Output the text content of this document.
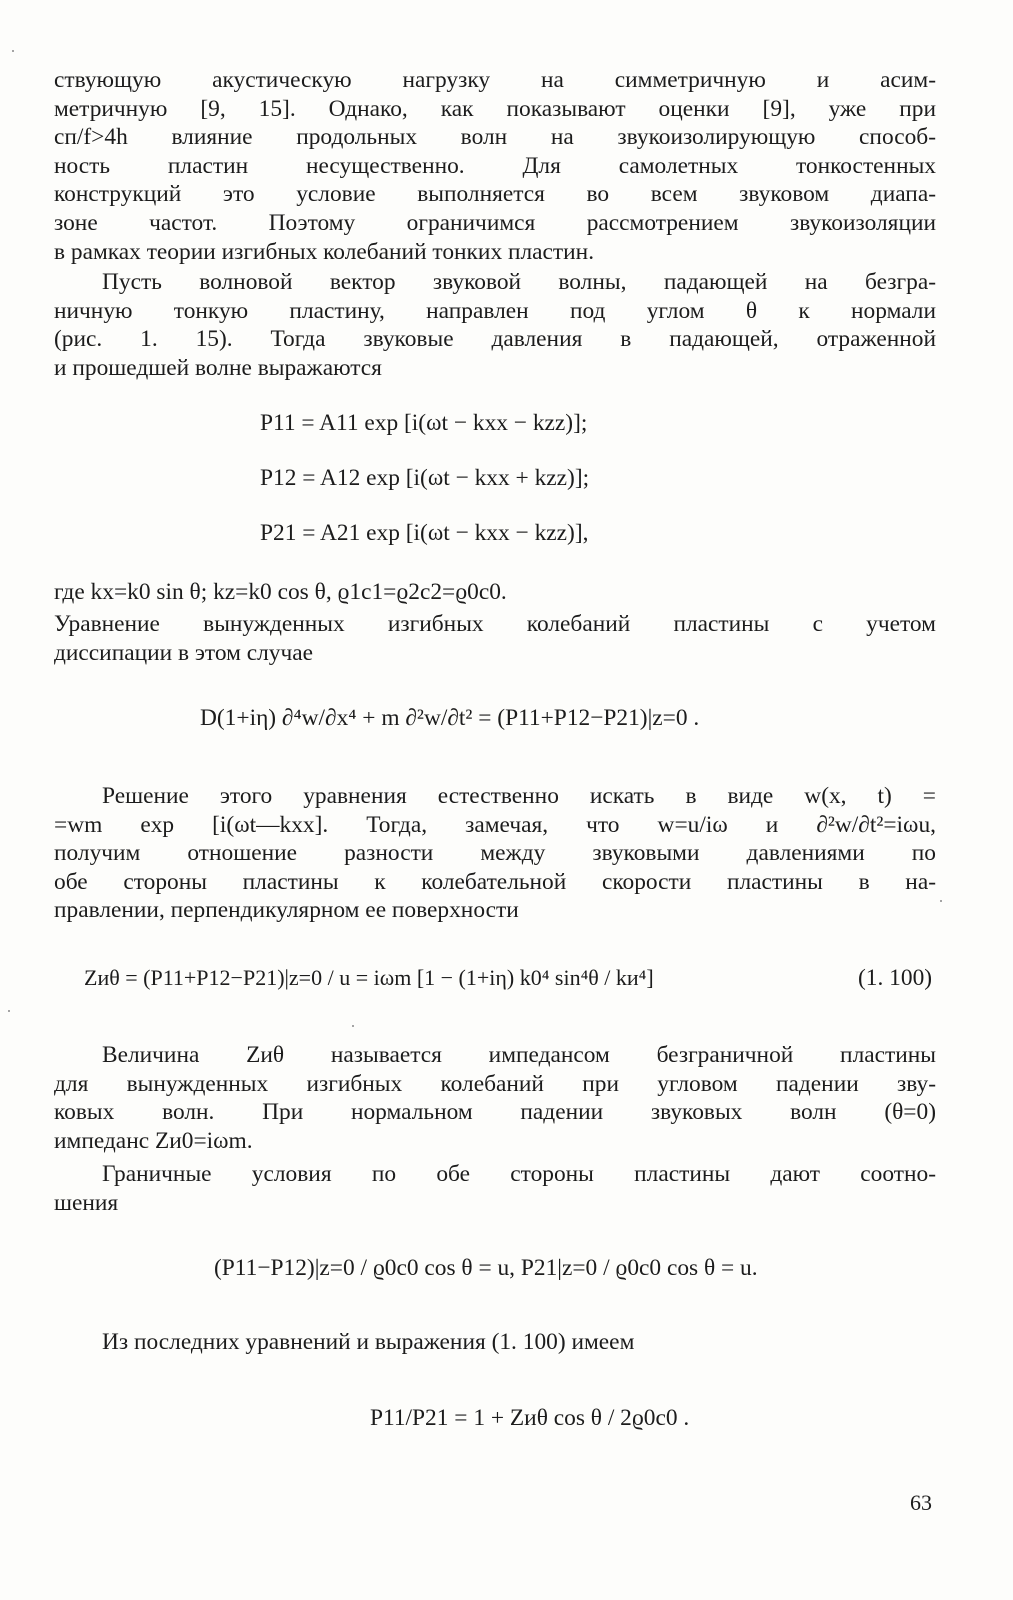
ствующую акустическую нагрузку на симметричную и асим-
метричную [9, 15]. Однако, как показывают оценки [9], уже при
cп/f>4h влияние продольных волн на звукоизолирующую способ-
ность пластин несущественно. Для самолетных тонкостенных
конструкций это условие выполняется во всем звуковом диапа-
зоне частот. Поэтому ограничимся рассмотрением звукоизоляции
в рамках теории изгибных колебаний тонких пластин.
Пусть волновой вектор звуковой волны, падающей на безгра-
ничную тонкую пластину, направлен под углом θ к нормали
(рис. 1. 15). Тогда звуковые давления в падающей, отраженной
и прошедшей волне выражаются
P11 = A11 exp [i(ωt − kxx − kzz)];
P12 = A12 exp [i(ωt − kxx + kzz)];
P21 = A21 exp [i(ωt − kxx − kzz)],
где kx=k0 sin θ; kz=k0 cos θ, ϱ1c1=ϱ2c2=ϱ0c0.
Уравнение вынужденных изгибных колебаний пластины с учетом
диссипации в этом случае
D(1+iη) ∂⁴w/∂x⁴ + m ∂²w/∂t² = (P11+P12−P21)|z=0 .
Решение этого уравнения естественно искать в виде w(x, t) =
=wm exp [i(ωt—kxx]. Тогда, замечая, что w=u/iω и ∂²w/∂t²=iωu,
получим отношение разности между звуковыми давлениями по
обе стороны пластины к колебательной скорости пластины в на-
правлении, перпендикулярном ее поверхности
Zиθ = (P11+P12−P21)|z=0 / u = iωm [1 − (1+iη) k0⁴ sin⁴θ / kи⁴]	(1. 100)
Величина Zиθ называется импедансом безграничной пластины
для вынужденных изгибных колебаний при угловом падении зву-
ковых волн. При нормальном падении звуковых волн (θ=0)
импеданс Zи0=iωm.
Граничные условия по обе стороны пластины дают соотно-
шения
(P11−P12)|z=0 / ϱ0c0 cos θ = u, P21|z=0 / ϱ0c0 cos θ = u.
Из последних уравнений и выражения (1. 100) имеем
P11/P21 = 1 + Zиθ cos θ / 2ϱ0c0 .
63
